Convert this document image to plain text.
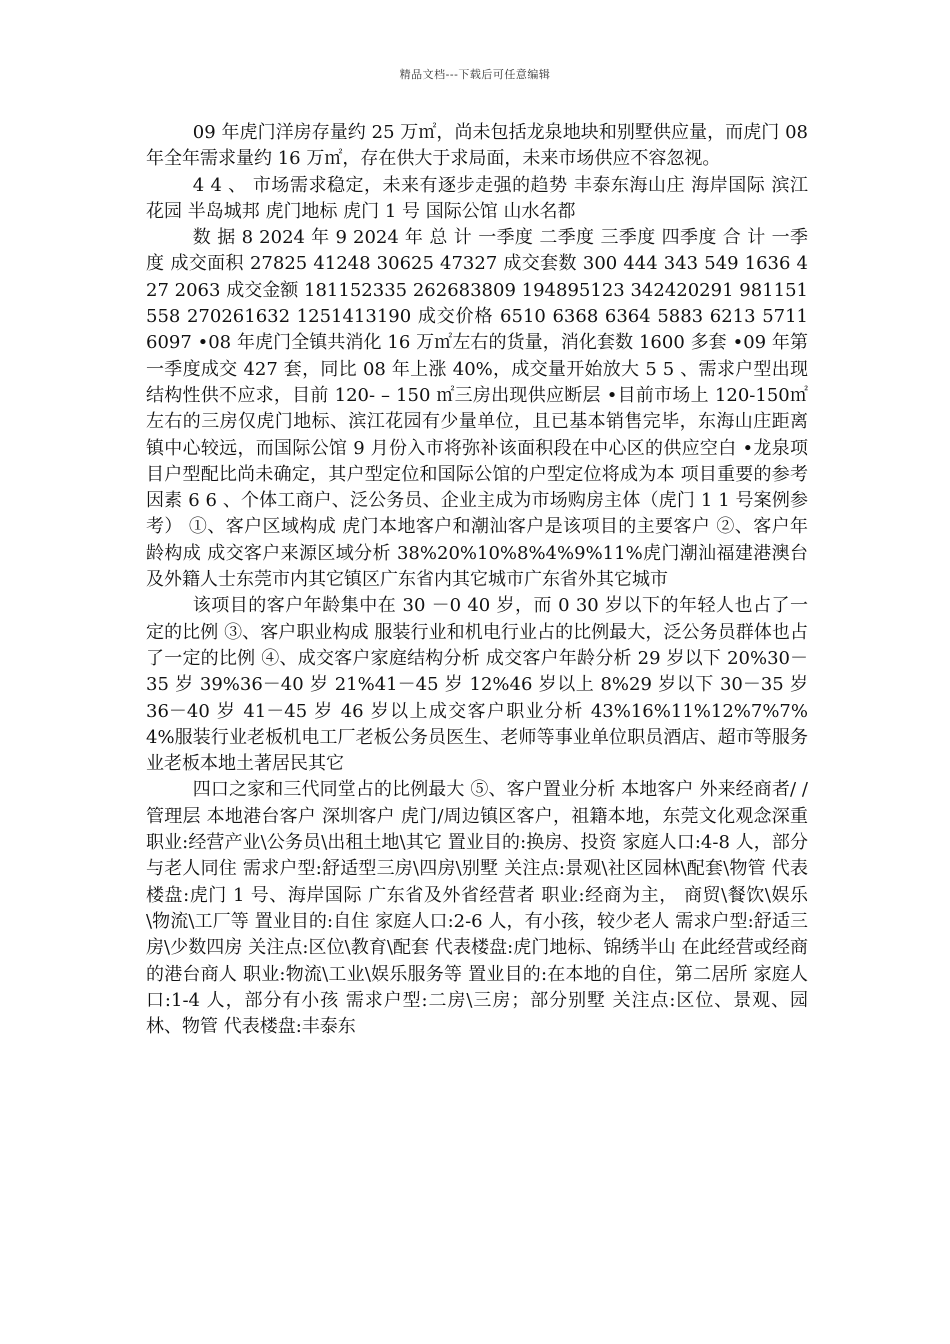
精品文档---下载后可任意编辑

09 年虎门洋房存量约 25 万㎡，尚未包括龙泉地块和别墅供应量，而虎门 08 年全年需求量约 16 万㎡，存在供大于求局面，未来市场供应不容忽视。

4 4 、 市场需求稳定，未来有逐步走强的趋势 丰泰东海山庄 海岸国际 滨江花园 半岛城邦 虎门地标 虎门 1 号 国际公馆 山水名都

数 据 8 2024 年 9 2024 年 总 计 一季度 二季度 三季度 四季度 合 计 一季度 成交面积 27825 41248 30625 47327 成交套数 300 444 343 549 1636 427 2063 成交金额 181152335 262683809 194895123 342420291 981151558 270261632 1251413190 成交价格 6510 6368 6364 5883 6213 5711 6097 •08 年虎门全镇共消化 16 万㎡左右的货量，消化套数 1600 多套 •09 年第一季度成交 427 套，同比 08 年上涨 40%，成交量开始放大 5 5 、需求户型出现结构性供不应求，目前 120- – 150 ㎡三房出现供应断层 •目前市场上 120-150㎡左右的三房仅虎门地标、滨江花园有少量单位，且已基本销售完毕，东海山庄距离镇中心较远，而国际公馆 9 月份入市将弥补该面积段在中心区的供应空白 •龙泉项目户型配比尚未确定，其户型定位和国际公馆的户型定位将成为本 项目重要的参考因素 6 6 、个体工商户、泛公务员、企业主成为市场购房主体（虎门 1 1 号案例参考） ①、客户区域构成 虎门本地客户和潮汕客户是该项目的主要客户 ②、客户年龄构成 成交客户来源区域分析 38%20%10%8%4%9%11%虎门潮汕福建港澳台及外籍人士东莞市内其它镇区广东省内其它城市广东省外其它城市

该项目的客户年龄集中在 30 －0 40 岁，而 0 30 岁以下的年轻人也占了一定的比例 ③、客户职业构成 服装行业和机电行业占的比例最大，泛公务员群体也占了一定的比例 ④、成交客户家庭结构分析 成交客户年龄分析 29 岁以下 20%30－35 岁 39%36－40 岁 21%41－45 岁 12%46 岁以上 8%29 岁以下 30－35 岁 36－40 岁 41－45 岁 46 岁以上成交客户职业分析 43%16%11%12%7%7%4%服装行业老板机电工厂老板公务员医生、老师等事业单位职员酒店、超市等服务业老板本地土著居民其它

四口之家和三代同堂占的比例最大 ⑤、客户置业分析 本地客户 外来经商者/ / 管理层 本地港台客户 深圳客户 虎门/周边镇区客户，祖籍本地，东莞文化观念深重 职业:经营产业\公务员\出租土地\其它 置业目的:换房、投资 家庭人口:4-8 人，部分与老人同住 需求户型:舒适型三房\四房\别墅 关注点:景观\社区园林\配套\物管 代表楼盘:虎门 1 号、海岸国际 广东省及外省经营者 职业:经商为主， 商贸\餐饮\娱乐\物流\工厂等 置业目的:自住 家庭人口:2-6 人，有小孩，较少老人 需求户型:舒适三房\少数四房 关注点:区位\教育\配套 代表楼盘:虎门地标、锦绣半山 在此经营或经商的港台商人 职业:物流\工业\娱乐服务等 置业目的:在本地的自住，第二居所 家庭人口:1-4 人，部分有小孩 需求户型:二房\三房；部分别墅 关注点:区位、景观、园林、物管 代表楼盘:丰泰东
